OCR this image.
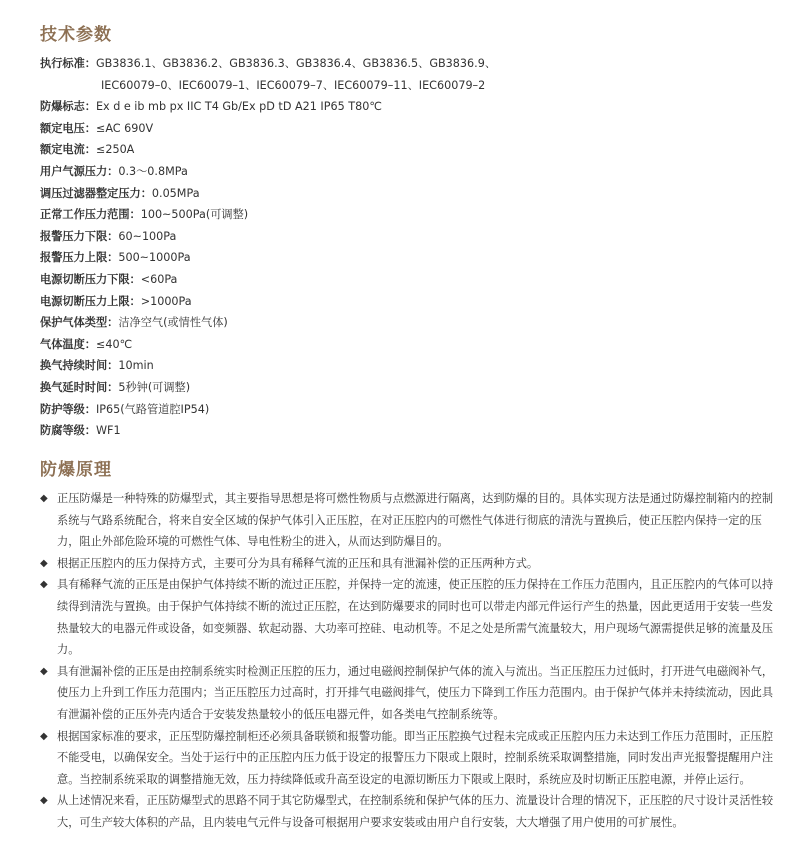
技术参数
执行标准：GB3836.1、GB3836.2、GB3836.3、GB3836.4、GB3836.5、GB3836.9、
IEC60079–0、IEC60079–1、IEC60079–7、IEC60079–11、IEC60079–2
防爆标志：Ex d e ib mb px IIC T4 Gb/Ex pD tD A21 IP65 T80℃
额定电压：≤AC 690V
额定电流：≤250A
用户气源压力：0.3～0.8MPa
调压过滤器整定压力：0.05MPa
正常工作压力范围：100~500Pa(可调整)
报警压力下限：60~100Pa
报警压力上限：500~1000Pa
电源切断压力下限：<60Pa
电源切断压力上限：>1000Pa
保护气体类型：洁净空气(或情性气体)
气体温度：≤40℃
换气持续时间：10min
换气延时时间：5秒钟(可调整)
防护等级：IP65(气路管道腔IP54)
防腐等级：WF1
防爆原理

◆ 正压防爆是一种特殊的防爆型式，其主要指导思想是将可燃性物质与点燃源进行隔离，达到防爆的目的。具体实现方法是通过防爆控制箱内的控制系统与气路系统配合，将来自安全区域的保护气体引入正压腔，在对正压腔内的可燃性气体进行彻底的清洗与置换后，使正压腔内保持一定的压力，阻止外部危险环境的可燃性气体、导电性粉尘的进入，从而达到防爆目的。

◆ 根据正压腔内的压力保持方式，主要可分为具有稀释气流的正压和具有泄漏补偿的正压两种方式。

◆ 具有稀释气流的正压是由保护气体持续不断的流过正压腔，并保持一定的流速，使正压腔的压力保持在工作压力范围内，且正压腔内的气体可以持续得到清洗与置换。由于保护气体持续不断的流过正压腔，在达到防爆要求的同时也可以带走内部元件运行产生的热量，因此更适用于安装一些发热量较大的电器元件或设备，如变频器、软起动器、大功率可控硅、电动机等。不足之处是所需气流量较大，用户现场气源需提供足够的流量及压力。

◆ 具有泄漏补偿的正压是由控制系统实时检测正压腔的压力，通过电磁阀控制保护气体的流入与流出。当正压腔压力过低时，打开进气电磁阀补气，使压力上升到工作压力范围内；当正压腔压力过高时，打开排气电磁阀排气，使压力下降到工作压力范围内。由于保护气体并未持续流动，因此具有泄漏补偿的正压外壳内适合于安装发热量较小的低压电器元件，如各类电气控制系统等。

◆ 根据国家标准的要求，正压型防爆控制柜还必须具备联锁和报警功能。即当正压腔换气过程未完成或正压腔内压力未达到工作压力范围时，正压腔不能受电，以确保安全。当处于运行中的正压腔内压力低于设定的报警压力下限或上限时，控制系统采取调整措施，同时发出声光报警提醒用户注意。当控制系统采取的调整措施无效，压力持续降低或升高至设定的电源切断压力下限或上限时，系统应及时切断正压腔电源，并停止运行。

◆ 从上述情况来看，正压防爆型式的思路不同于其它防爆型式，在控制系统和保护气体的压力、流量设计合理的情况下，正压腔的尺寸设计灵活性较大，可生产较大体积的产品，且内装电气元件与设备可根据用户要求安装或由用户自行安装，大大增强了用户使用的可扩展性。
